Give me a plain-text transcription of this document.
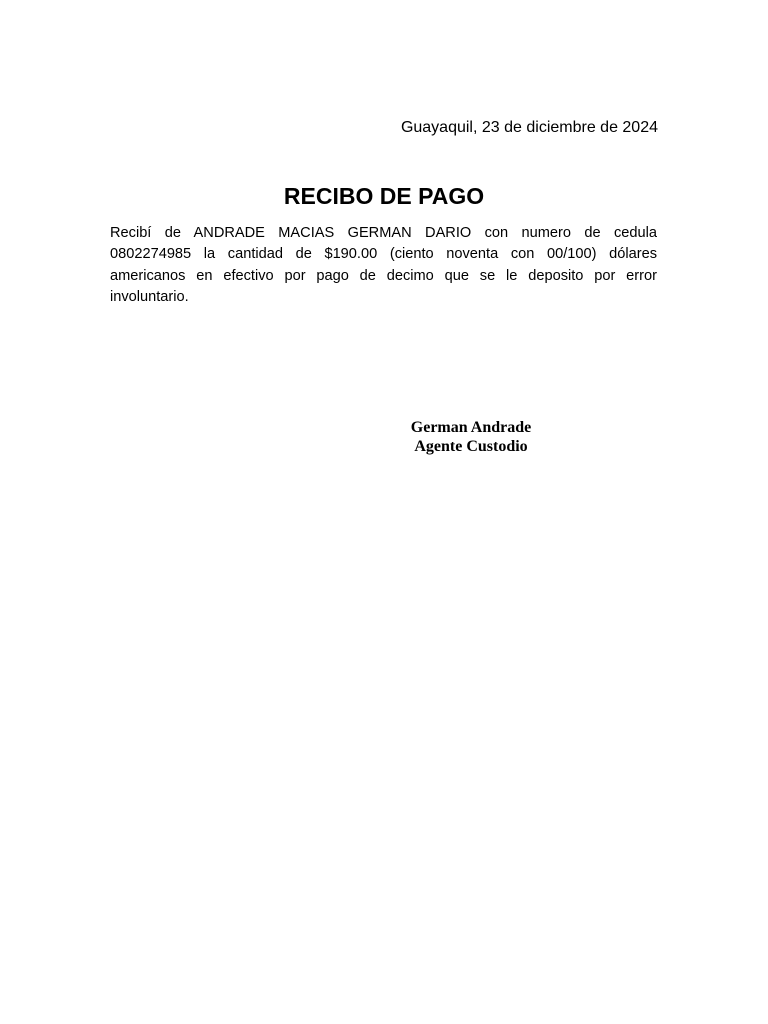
Guayaquil, 23 de diciembre de 2024
RECIBO DE PAGO

Recibí de ANDRADE MACIAS GERMAN DARIO con numero de cedula 0802274985 la cantidad de $190.00 (ciento noventa con 00/100) dólares americanos en efectivo por pago de decimo que se le deposito por error involuntario.

German Andrade
Agente Custodio
